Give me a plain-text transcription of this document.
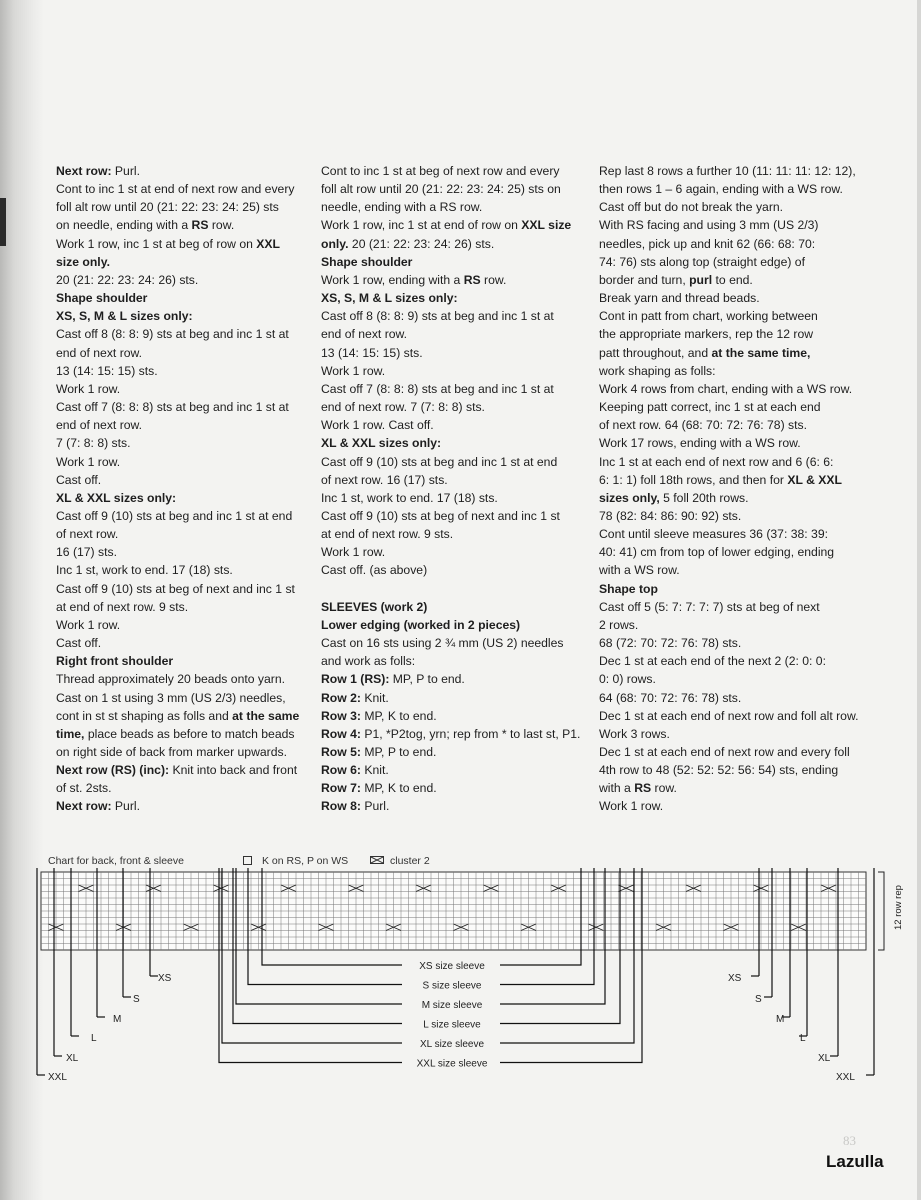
Next row: Purl.

Cont to inc 1 st at end of next row and every

foll alt row until 20 (21: 22: 23: 24: 25) sts

on needle, ending with a RS row.

Work 1 row, inc 1 st at beg of row on XXL

size only.

20 (21: 22: 23: 24: 26) sts.

Shape shoulder

XS, S, M & L sizes only:

Cast off 8 (8: 8: 9) sts at beg and inc 1 st at

end of next row.

13 (14: 15: 15) sts.

Work 1 row.

Cast off 7 (8: 8: 8) sts at beg and inc 1 st at

end of next row.

7 (7: 8: 8) sts.

Work 1 row.

Cast off.

XL & XXL sizes only:

Cast off 9 (10) sts at beg and inc 1 st at end

of next row.

16 (17) sts.

Inc 1 st, work to end. 17 (18) sts.

Cast off 9 (10) sts at beg of next and inc 1 st

at end of next row. 9 sts.

Work 1 row.

Cast off.

Right front shoulder

Thread approximately 20 beads onto yarn.

Cast on 1 st using 3 mm (US 2/3) needles,

cont in st st shaping as folls and at the same

time, place beads as before to match beads

on right side of back from marker upwards.

Next row (RS) (inc): Knit into back and front

of st. 2sts.

Next row: Purl.

Cont to inc 1 st at beg of next row and every

foll alt row until 20 (21: 22: 23: 24: 25) sts on

needle, ending with a RS row.

Work 1 row, inc 1 st at end of row on XXL size

only. 20 (21: 22: 23: 24: 26) sts.

Shape shoulder

Work 1 row, ending with a RS row.

XS, S, M & L sizes only:

Cast off 8 (8: 8: 9) sts at beg and inc 1 st at

end of next row.

13 (14: 15: 15) sts.

Work 1 row.

Cast off 7 (8: 8: 8) sts at beg and inc 1 st at

end of next row. 7 (7: 8: 8) sts.

Work 1 row. Cast off.

XL & XXL sizes only:

Cast off 9 (10) sts at beg and inc 1 st at end

of next row. 16 (17) sts.

Inc 1 st, work to end. 17 (18) sts.

Cast off 9 (10) sts at beg of next and inc 1 st

at end of next row. 9 sts.

Work 1 row.

Cast off. (as above)

SLEEVES (work 2)

Lower edging (worked in 2 pieces)

Cast on 16 sts using 2 ¾ mm (US 2) needles

and work as folls:

Row 1 (RS): MP, P to end.

Row 2: Knit.

Row 3: MP, K to end.

Row 4: P1, *P2tog, yrn; rep from * to last st, P1.

Row 5: MP, P to end.

Row 6: Knit.

Row 7: MP, K to end.

Row 8: Purl.

Rep last 8 rows a further 10 (11: 11: 11: 12: 12),

then rows 1 – 6 again, ending with a WS row.

Cast off but do not break the yarn.

With RS facing and using 3 mm (US 2/3)

needles, pick up and knit 62 (66: 68: 70:

74: 76) sts along top (straight edge) of

border and turn, purl to end.

Break yarn and thread beads.

Cont in patt from chart, working between

the appropriate markers, rep the 12 row

patt throughout, and at the same time,

work shaping as folls:

Work 4 rows from chart, ending with a WS row.

Keeping patt correct, inc 1 st at each end

of next row. 64 (68: 70: 72: 76: 78) sts.

Work 17 rows, ending with a WS row.

Inc 1 st at each end of next row and 6 (6: 6:

6: 1: 1) foll 18th rows, and then for XL & XXL

sizes only, 5 foll 20th rows.

78 (82: 84: 86: 90: 92) sts.

Cont until sleeve measures 36 (37: 38: 39:

40: 41) cm from top of lower edging, ending

with a WS row.

Shape top

Cast off 5 (5: 7: 7: 7: 7) sts at beg of next

2 rows.

68 (72: 70: 72: 76: 78) sts.

Dec 1 st at each end of the next 2 (2: 0: 0:

0: 0) rows.

64 (68: 70: 72: 76: 78) sts.

Dec 1 st at each end of next row and foll alt row.

Work 3 rows.

Dec 1 st at each end of next row and every foll

4th row to 48 (52: 52: 52: 56: 54) sts, ending

with a RS row.

Work 1 row.

Chart for back, front & sleeve	K on RS, P on WS	cluster 2
XS
S
M
L
XL
XXL
XS
S
M
L
XL
XXL
XS size sleeve
S size sleeve
M size sleeve
L size sleeve
XL size sleeve
XXL size sleeve
12 row rep
83
Lazulla
